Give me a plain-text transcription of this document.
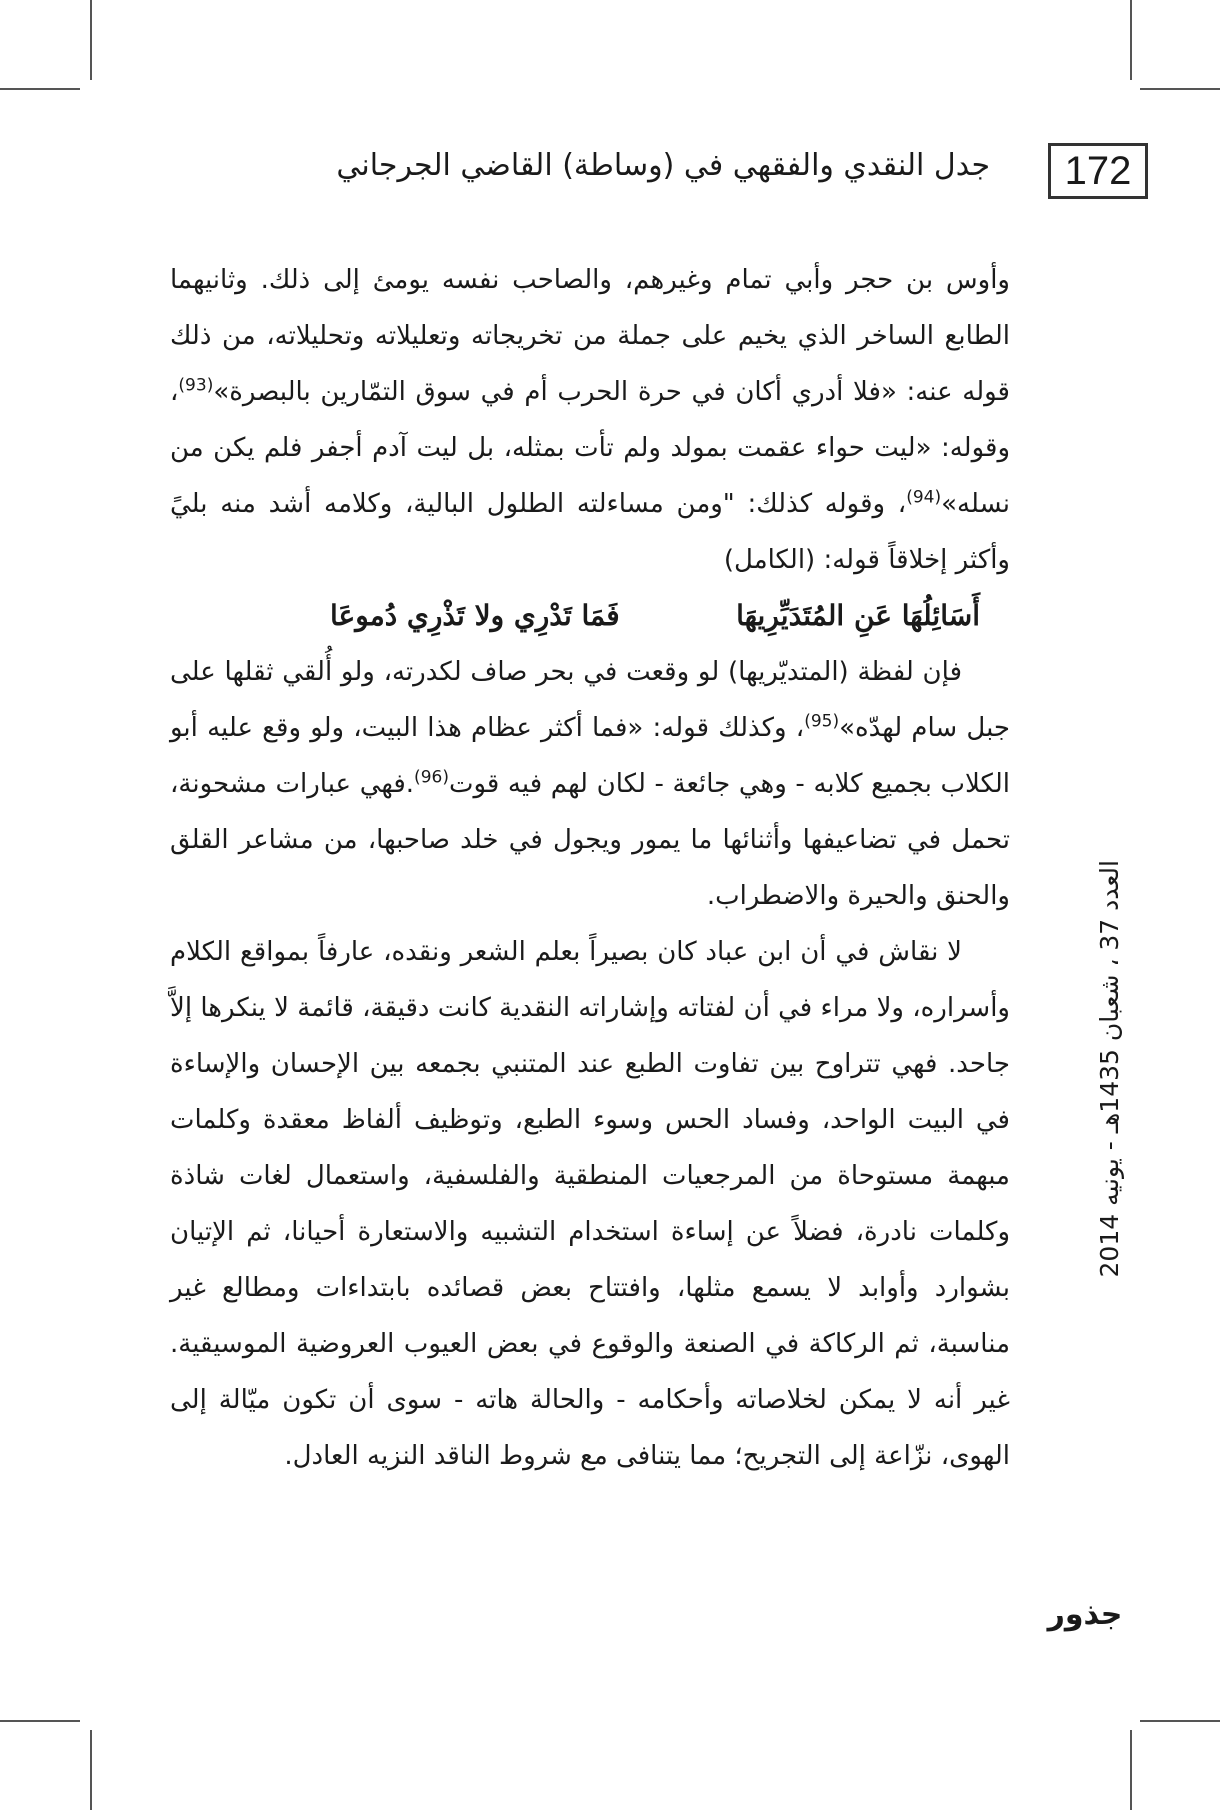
172
جدل النقدي والفقهي في (وساطة) القاضي الجرجاني

وأوس بن حجر وأبي تمام وغيرهم، والصاحب نفسه يومئ إلى ذلك. وثانيهما الطابع الساخر الذي يخيم على جملة من تخريجاته وتعليلاته وتحليلاته، من ذلك قوله عنه: «فلا أدري أكان في حرة الحرب أم في سوق التمّارين بالبصرة»$^{(93)}$، وقوله: «ليت حواء عقمت بمولد ولم تأت بمثله، بل ليت آدم أجفر فلم يكن من نسله»$^{(94)}$، وقوله كذلك: "ومن مساءلته الطلول البالية، وكلامه أشد منه بليً وأكثر إخلاقاً قوله: (الكامل)

أَسَائِلُهَا عَنِ المُتَدَيِّرِيهَا
فَمَا تَدْرِي ولا تَذْرِي دُموعَا

فإن لفظة (المتديّريها) لو وقعت في بحر صاف لكدرته، ولو أُلقي ثقلها على جبل سام لهدّه»$^{(95)}$، وكذلك قوله: «فما أكثر عظام هذا البيت، ولو وقع عليه أبو الكلاب بجميع كلابه - وهي جائعة - لكان لهم فيه قوت$^{(96)}$.فهي عبارات مشحونة، تحمل في تضاعيفها وأثنائها ما يمور ويجول في خلد صاحبها، من مشاعر القلق والحنق والحيرة والاضطراب.

لا نقاش في أن ابن عباد كان بصيراً بعلم الشعر ونقده، عارفاً بمواقع الكلام وأسراره، ولا مراء في أن لفتاته وإشاراته النقدية كانت دقيقة، قائمة لا ينكرها إلاَّ جاحد. فهي تتراوح بين تفاوت الطبع عند المتنبي بجمعه بين الإحسان والإساءة في البيت الواحد، وفساد الحس وسوء الطبع، وتوظيف ألفاظ معقدة وكلمات مبهمة مستوحاة من المرجعيات المنطقية والفلسفية، واستعمال لغات شاذة وكلمات نادرة، فضلاً عن إساءة استخدام التشبيه والاستعارة أحيانا، ثم الإتيان بشوارد وأوابد لا يسمع مثلها، وافتتاح بعض قصائده بابتداءات ومطالع غير مناسبة، ثم الركاكة في الصنعة والوقوع في بعض العيوب العروضية الموسيقية. غير أنه لا يمكن لخلاصاته وأحكامه - والحالة هاته - سوى أن تكون ميّالة إلى الهوى، نزّاعة إلى التجريح؛ مما يتنافى مع شروط الناقد النزيه العادل.

العدد 37 ، شعبان 1435هـ - يونيه 2014
جذور
